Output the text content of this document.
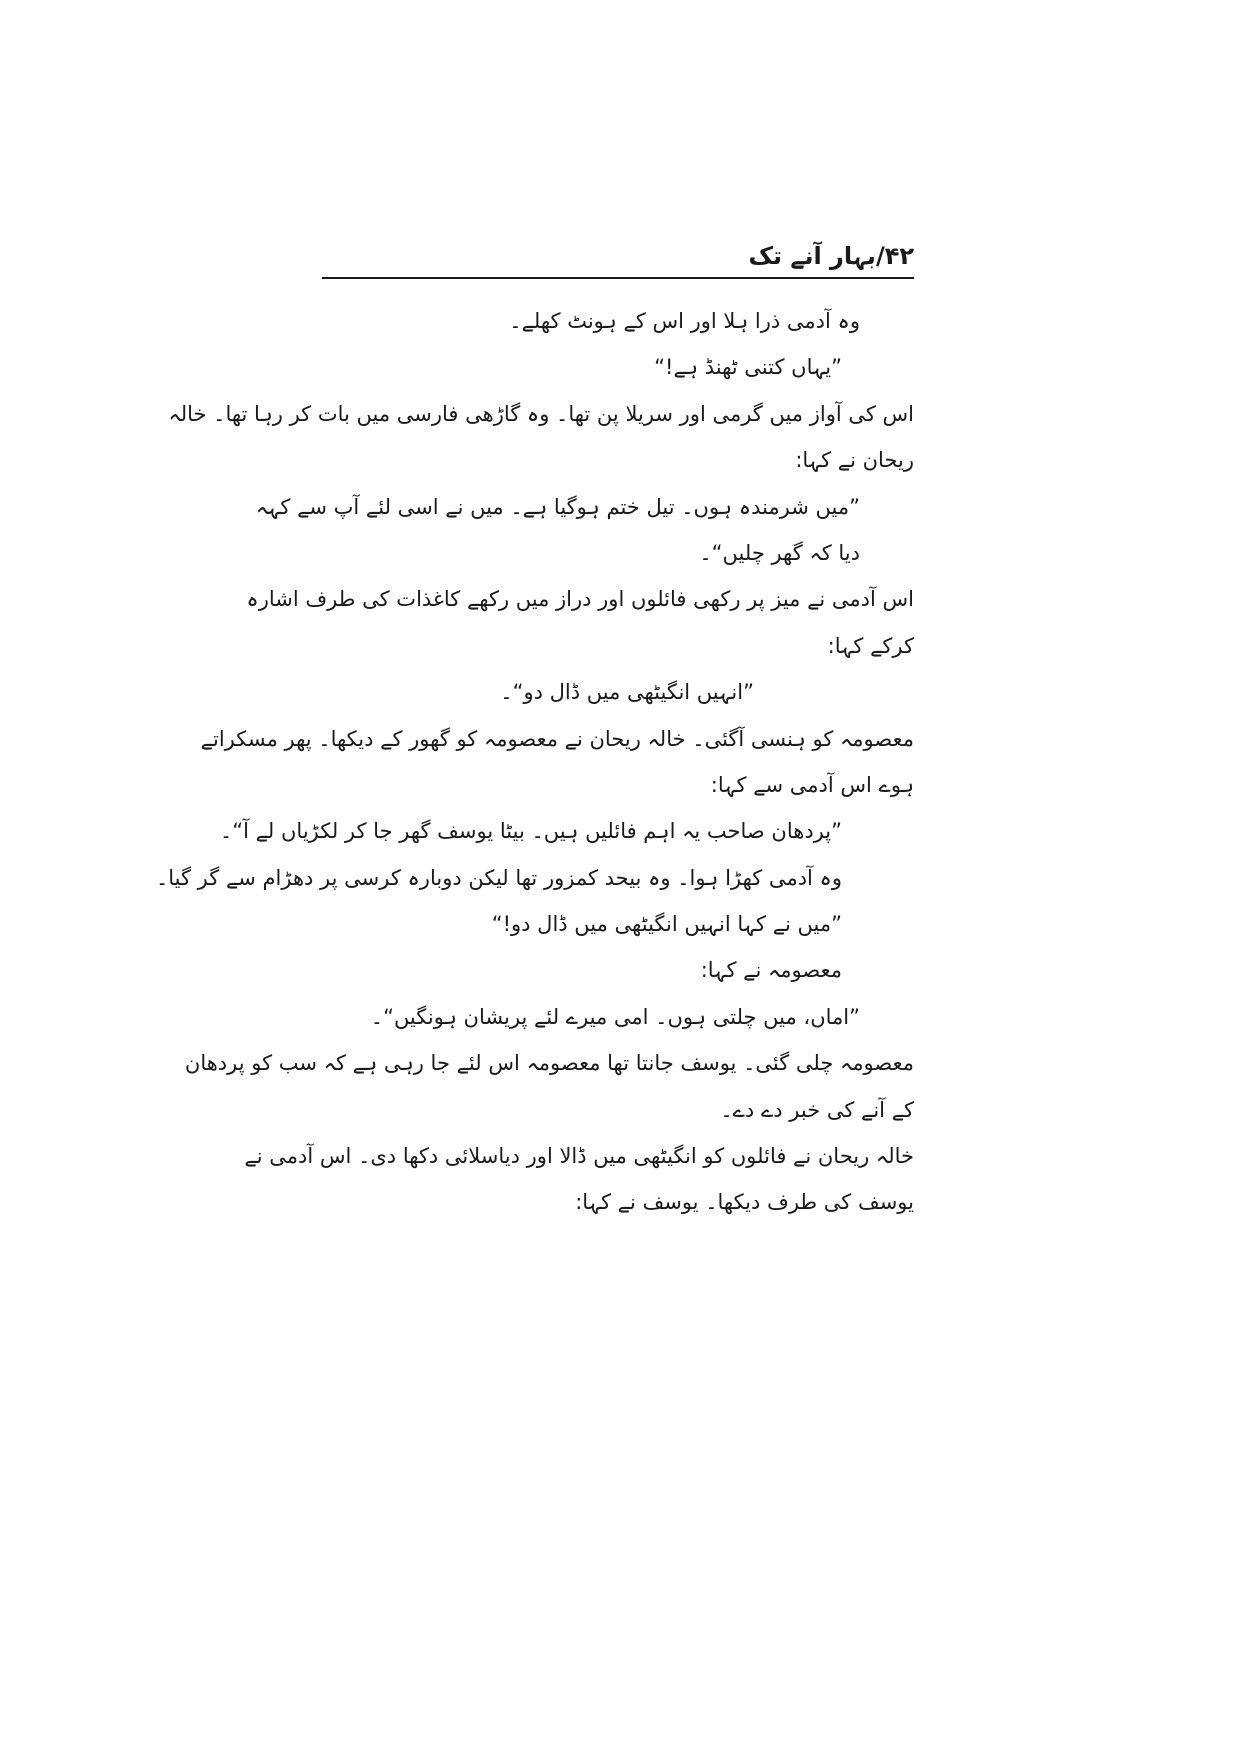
۴۲/بہار آنے تک
وہ آدمی ذرا ہلا اور اس کے ہونٹ کھلے۔
”یہاں کتنی ٹھنڈ ہے!“
اس کی آواز میں گرمی اور سریلا پن تھا۔ وہ گاڑھی فارسی میں بات کر رہا تھا۔ خالہ
ریحان نے کہا:
”میں شرمندہ ہوں۔ تیل ختم ہوگیا ہے۔ میں نے اسی لئے آپ سے کہہ
دیا کہ گھر چلیں“۔
اس آدمی نے میز پر رکھی فائلوں اور دراز میں رکھے کاغذات کی طرف اشارہ
کرکے کہا:
”انہیں انگیٹھی میں ڈال دو“۔
معصومہ کو ہنسی آگئی۔ خالہ ریحان نے معصومہ کو گھور کے دیکھا۔ پھر مسکراتے
ہوے اس آدمی سے کہا:
”پردھان صاحب یہ اہم فائلیں ہیں۔ بیٹا یوسف گھر جا کر لکڑیاں لے آ“۔
وہ آدمی کھڑا ہوا۔ وہ بیحد کمزور تھا لیکن دوبارہ کرسی پر دھڑام سے گر گیا۔
”میں نے کہا انہیں انگیٹھی میں ڈال دو!“
معصومہ نے کہا:
”اماں، میں چلتی ہوں۔ امی میرے لئے پریشان ہونگیں“۔
معصومہ چلی گئی۔ یوسف جانتا تھا معصومہ اس لئے جا رہی ہے کہ سب کو پردھان
کے آنے کی خبر دے دے۔
خالہ ریحان نے فائلوں کو انگیٹھی میں ڈالا اور دیاسلائی دکھا دی۔ اس آدمی نے
یوسف کی طرف دیکھا۔ یوسف نے کہا:
